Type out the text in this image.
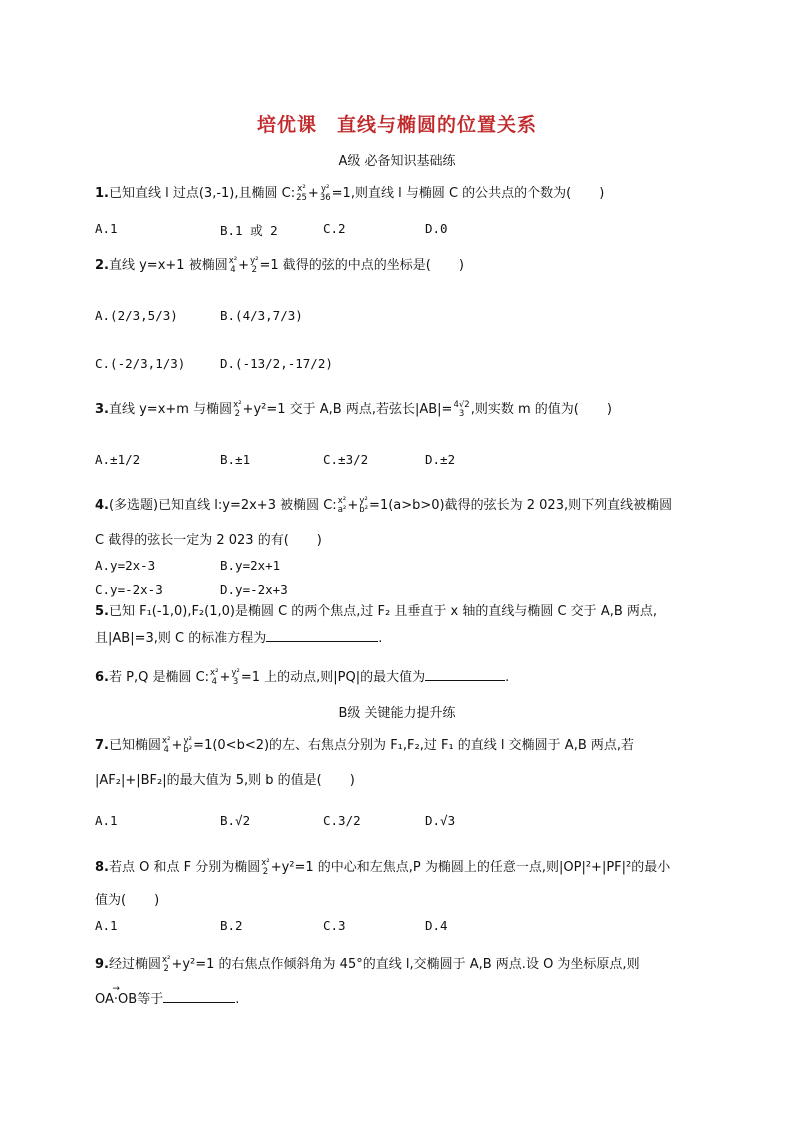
培优课　直线与椭圆的位置关系
A级 必备知识基础练
1.已知直线 l 过点(3,-1),且椭圆 C: x²
25 + y²
36 =1,则直线 l 与椭圆 C 的公共点的个数为( )
A.1	B.1 或 2	C.2	D.0
2.直线 y=x+1 被椭圆 x²
4 + y²
2 =1 截得的弦的中点的坐标是( )
A.(2/3,5/3)	B.(4/3,7/3)
C.(-2/3,1/3)	D.(-13/2,-17/2)
3.直线 y=x+m 与椭圆 x²
2 +y²=1 交于 A,B 两点,若弦长|AB|= 4√2
3 ,则实数 m 的值为( )
A.±1/2	B.±1	C.±3/2	D.±2
4.(多选题)已知直线 l:y=2x+3 被椭圆 C: x²
a² + y²
b² =1(a>b>0)截得的弦长为 2 023,则下列直线被椭圆
C 截得的弦长一定为 2 023 的有( )
A.y=2x-3	B.y=2x+1
C.y=-2x-3	D.y=-2x+3
5.已知 F₁(-1,0),F₂(1,0)是椭圆 C 的两个焦点,过 F₂ 且垂直于 x 轴的直线与椭圆 C 交于 A,B 两点,
且|AB|=3,则 C 的标准方程为	.
6.若 P,Q 是椭圆 C: x²
4 + y²
3 =1 上的动点,则|PQ|的最大值为	.
B级 关键能力提升练
7.已知椭圆 x²
4 + y²
b² =1(0<b<2)的左、右焦点分别为 F₁,F₂,过 F₁ 的直线 l 交椭圆于 A,B 两点,若
|AF₂|+|BF₂|的最大值为 5,则 b 的值是( )
A.1	B.√2	C.3/2	D.√3
8.若点 O 和点 F 分别为椭圆 x²
2 +y²=1 的中心和左焦点,P 为椭圆上的任意一点,则|OP|²+|PF|²的最小
值为( )
A.1	B.2	C.3	D.4
9.经过椭圆 x²
2 +y²=1 的右焦点作倾斜角为 45°的直线 l,交椭圆于 A,B 两点.设 O 为坐标原点,则
→ OA·OB等于	.
